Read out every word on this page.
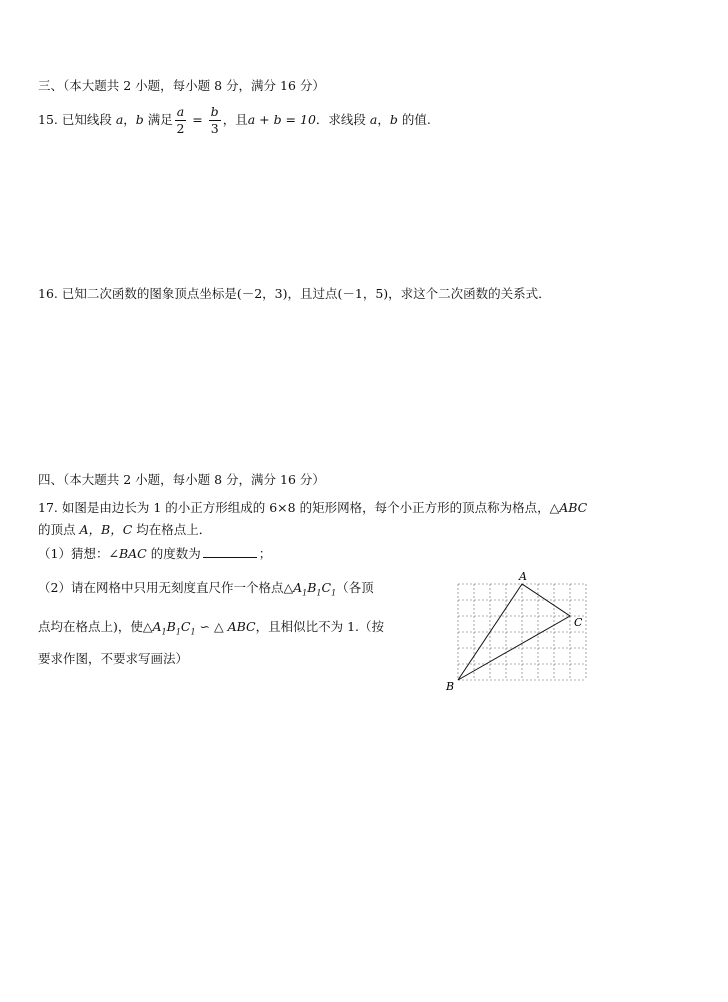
三、（本大题共 2 小题，每小题 8 分，满分 16 分）
15. 已知线段 a，b 满足 $\frac{a}{2} = \frac{b}{3}$ ，且a + b = 10．求线段 a，b 的值.
16. 已知二次函数的图象顶点坐标是(－2，3)，且过点(－1，5)，求这个二次函数的关系式．
四、（本大题共 2 小题，每小题 8 分，满分 16 分）
17. 如图是由边长为 1 的小正方形组成的 6×8 的矩形网格，每个小正方形的顶点称为格点，△ABC
的顶点 A，B，C 均在格点上．
（1）猜想：∠BAC 的度数为	；
（2）请在网格中只用无刻度直尺作一个格点$\triangle A_1B_1C_1$（各顶
点均在格点上)，使$\triangle A_1B_1C_1$ ∽ △ ABC，且相似比不为 1.（按
要求作图，不要求写画法）
A
B
C
